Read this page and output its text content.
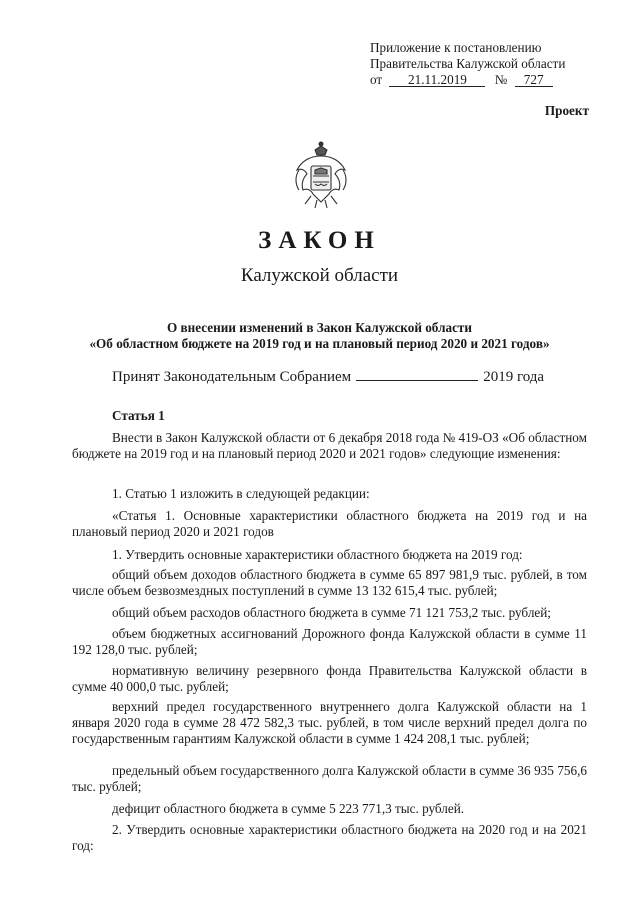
Приложение к постановлению
Правительства Калужской области
от 21.11.2019 № 727
Проект
ЗАКОН
Калужской области
О внесении изменений в Закон Калужской области
«Об областном бюджете на 2019 год и на плановый период 2020 и 2021 годов»
Принят Законодательным Собранием	2019 года
Статья 1

Внести в Закон Калужской области от 6 декабря 2018 года № 419-ОЗ «Об областном бюджете на 2019 год и на плановый период 2020 и 2021 годов» следующие изменения:

1. Статью 1 изложить в следующей редакции:

«Статья 1. Основные характеристики областного бюджета на 2019 год и на плановый период 2020 и 2021 годов

1. Утвердить основные характеристики областного бюджета на 2019 год:

общий объем доходов областного бюджета в сумме 65 897 981,9 тыс. рублей, в том числе объем безвозмездных поступлений в сумме 13 132 615,4 тыс. рублей;

общий объем расходов областного бюджета в сумме 71 121 753,2 тыс. рублей;

объем бюджетных ассигнований Дорожного фонда Калужской области в сумме 11 192 128,0 тыс. рублей;

нормативную величину резервного фонда Правительства Калужской области в сумме 40 000,0 тыс. рублей;

верхний предел государственного внутреннего долга Калужской области на 1 января 2020 года в сумме 28 472 582,3 тыс. рублей, в том числе верхний предел долга по государственным гарантиям Калужской области в сумме 1 424 208,1 тыс. рублей;

предельный объем государственного долга Калужской области в сумме 36 935 756,6 тыс. рублей;

дефицит областного бюджета в сумме 5 223 771,3 тыс. рублей.

2. Утвердить основные характеристики областного бюджета на 2020 год и на 2021 год:
